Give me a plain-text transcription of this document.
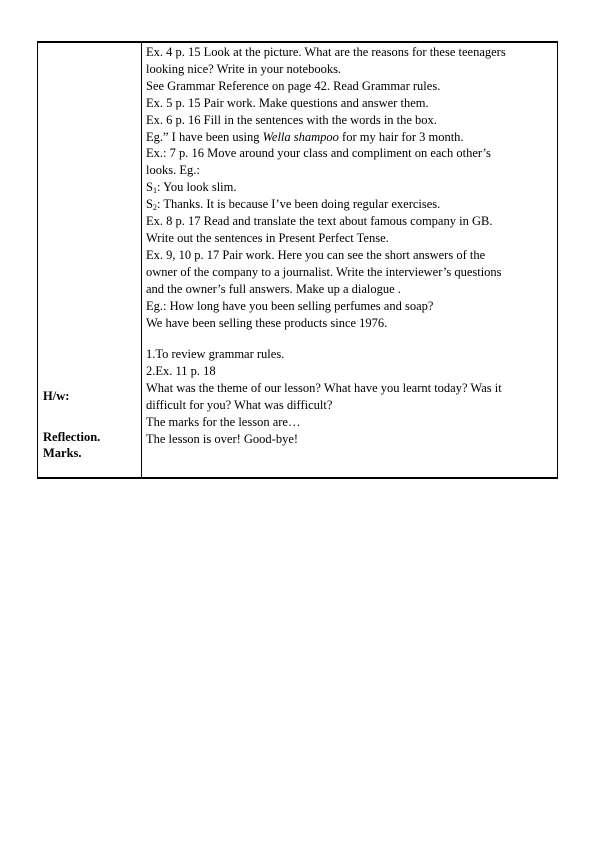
H/w:
Reflection.
Marks.
Ex. 4 p. 15 Look at the picture. What are the reasons for these teenagers
looking nice? Write in your notebooks.
See Grammar Reference on page 42. Read Grammar rules.
Ex. 5 p. 15 Pair work. Make questions and answer them.
Ex. 6 p. 16 Fill in the sentences with the words in the box.
Eg.” I have been using Wella shampoo for my hair for 3 month.
Ex.: 7 p. 16 Move around your class and compliment on each other’s
looks. Eg.:
$S_1$: You look slim.
$S_2$: Thanks. It is because I’ve been doing regular exercises.
Ex. 8 p. 17 Read and translate the text about famous company in GB.
Write out the sentences in Present Perfect Tense.
Ex. 9, 10 p. 17 Pair work. Here you can see the short answers of the
owner of the company to a journalist. Write the interviewer’s questions
and the owner’s full answers. Make up a dialogue .
Eg.: How long have you been selling perfumes and soap?
We have been selling these products since 1976.
1.To review grammar rules.
2.Ex. 11 p. 18
What was the theme of our lesson? What have you learnt today? Was it
difficult for you? What was difficult?
The marks for the lesson are…
The lesson is over! Good-bye!
